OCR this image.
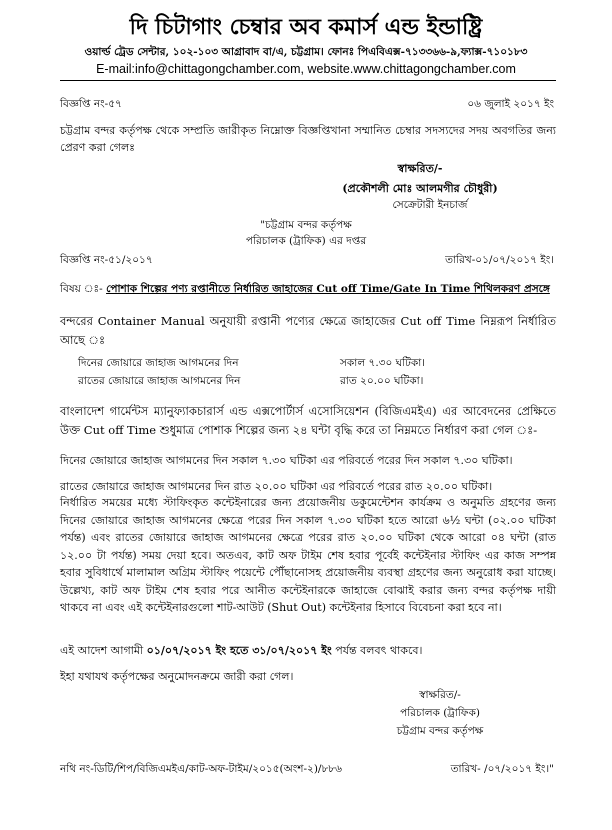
দি চিটাগাং চেম্বার অব কমার্স এন্ড ইন্ডাষ্ট্রি
ওয়ার্ল্ড ট্রেড সেন্টার, ১০২-১০৩ আগ্রাবাদ বা/এ, চট্টগ্রাম। ফোনঃ পিএবিএক্স-৭১৩৩৬৬-৯,ফ্যাক্স-৭১০১৮৩
E-mail:info@chittagongchamber.com, website.www.chittagongchamber.com
বিজ্ঞপ্তি নং-৫৭	০৬ জুলাই ২০১৭ ইং
চট্টগ্রাম বন্দর কর্তৃপক্ষ থেকে সম্প্রতি জারীকৃত নিম্নোক্ত বিজ্ঞপ্তিখানা সম্মানিত চেম্বার সদস্যদের সদয় অবগতির জন্য প্রেরণ করা গেলঃ
স্বাক্ষরিত/-
(প্রকৌশলী মোঃ আলমগীর চৌধুরী)
সেক্রেটারী ইনচার্জ
"চট্টগ্রাম বন্দর কর্তৃপক্ষ
পরিচালক (ট্রাফিক) এর দপ্তর
বিজ্ঞপ্তি নং-৫১/২০১৭	তারিখ-০১/০৭/২০১৭ ইং।
বিষয় ঃ- পোশাক শিল্পের পণ্য রপ্তানীতে নির্ধারিত জাহাজের Cut off Time/Gate In Time শিথিলকরণ প্রসঙ্গে
বন্দরের Container Manual অনুযায়ী রপ্তানী পণ্যের ক্ষেত্রে জাহাজের Cut off Time নিম্নরূপ নির্ধারিত আছে ঃ
দিনের জোয়ারে জাহাজ আগমনের দিন	সকাল ৭.৩০ ঘটিকা।
রাতের জোয়ারে জাহাজ আগমনের দিন	রাত ২০.০০ ঘটিকা।
বাংলাদেশ গার্মেন্টস ম্যানুফ্যাকচারার্স এন্ড এক্সপোর্টার্স এসোসিয়েশন (বিজিএমইএ) এর আবেদনের প্রেক্ষিতে উক্ত Cut off Time শুধুমাত্র পোশাক শিল্পের জন্য ২৪ ঘন্টা বৃদ্ধি করে তা নিম্নমতে নির্ধারণ করা গেল ঃ-
দিনের জোয়ারে জাহাজ আগমনের দিন সকাল ৭.৩০ ঘটিকা এর পরিবর্তে পরের দিন সকাল ৭.৩০ ঘটিকা।
রাতের জোয়ারে জাহাজ আগমনের দিন রাত ২০.০০ ঘটিকা এর পরিবর্তে পরের রাত ২০.০০ ঘটিকা।
নির্ধারিত সময়ের মধ্যে স্টাফিংকৃত কন্টেইনারের জন্য প্রয়োজনীয় ডকুমেন্টেশন কার্যক্রম ও অনুমতি গ্রহণের জন্য দিনের জোয়ারে জাহাজ আগমনের ক্ষেত্রে পরের দিন সকাল ৭.৩০ ঘটিকা হতে আরো ৬½ ঘন্টা (০২.০০ ঘটিকা পর্যন্ত) এবং রাতের জোয়ারে জাহাজ আগমনের ক্ষেত্রে পরের রাত ২০.০০ ঘটিকা থেকে আরো ০৪ ঘন্টা (রাত ১২.০০ টা পর্যন্ত) সময় দেয়া হবে। অতএব, কাট অফ টাইম শেষ হবার পূর্বেই কন্টেইনার স্টাফিং এর কাজ সম্পন্ন হবার সুবিধার্থে মালামাল অগ্রিম স্টাফিং পয়েন্টে পৌঁছানোসহ প্রয়োজনীয় ব্যবস্থা গ্রহণের জন্য অনুরোধ করা যাচ্ছে। উল্লেখ্য, কাট অফ টাইম শেষ হবার পরে আনীত কন্টেইনারকে জাহাজে বোঝাই করার জন্য বন্দর কর্তৃপক্ষ দায়ী থাকবে না এবং এই কন্টেইনারগুলো শাট-আউট (Shut Out) কন্টেইনার হিসাবে বিবেচনা করা হবে না।
এই আদেশ আগামী ০১/০৭/২০১৭ ইং হতে ৩১/০৭/২০১৭ ইং পর্যন্ত বলবৎ থাকবে।
ইহা যথাযথ কর্তৃপক্ষের অনুমোদনক্রমে জারী করা গেল।
স্বাক্ষরিত/-
পরিচালক (ট্রাফিক)
চট্টগ্রাম বন্দর কর্তৃপক্ষ
নথি নং-ডিটি/শিপ/বিজিএমইএ/কাট-অফ-টাইম/২০১৫(অংশ-২)/৮৮৬	তারিখ- /০৭/২০১৭ ইং।"
